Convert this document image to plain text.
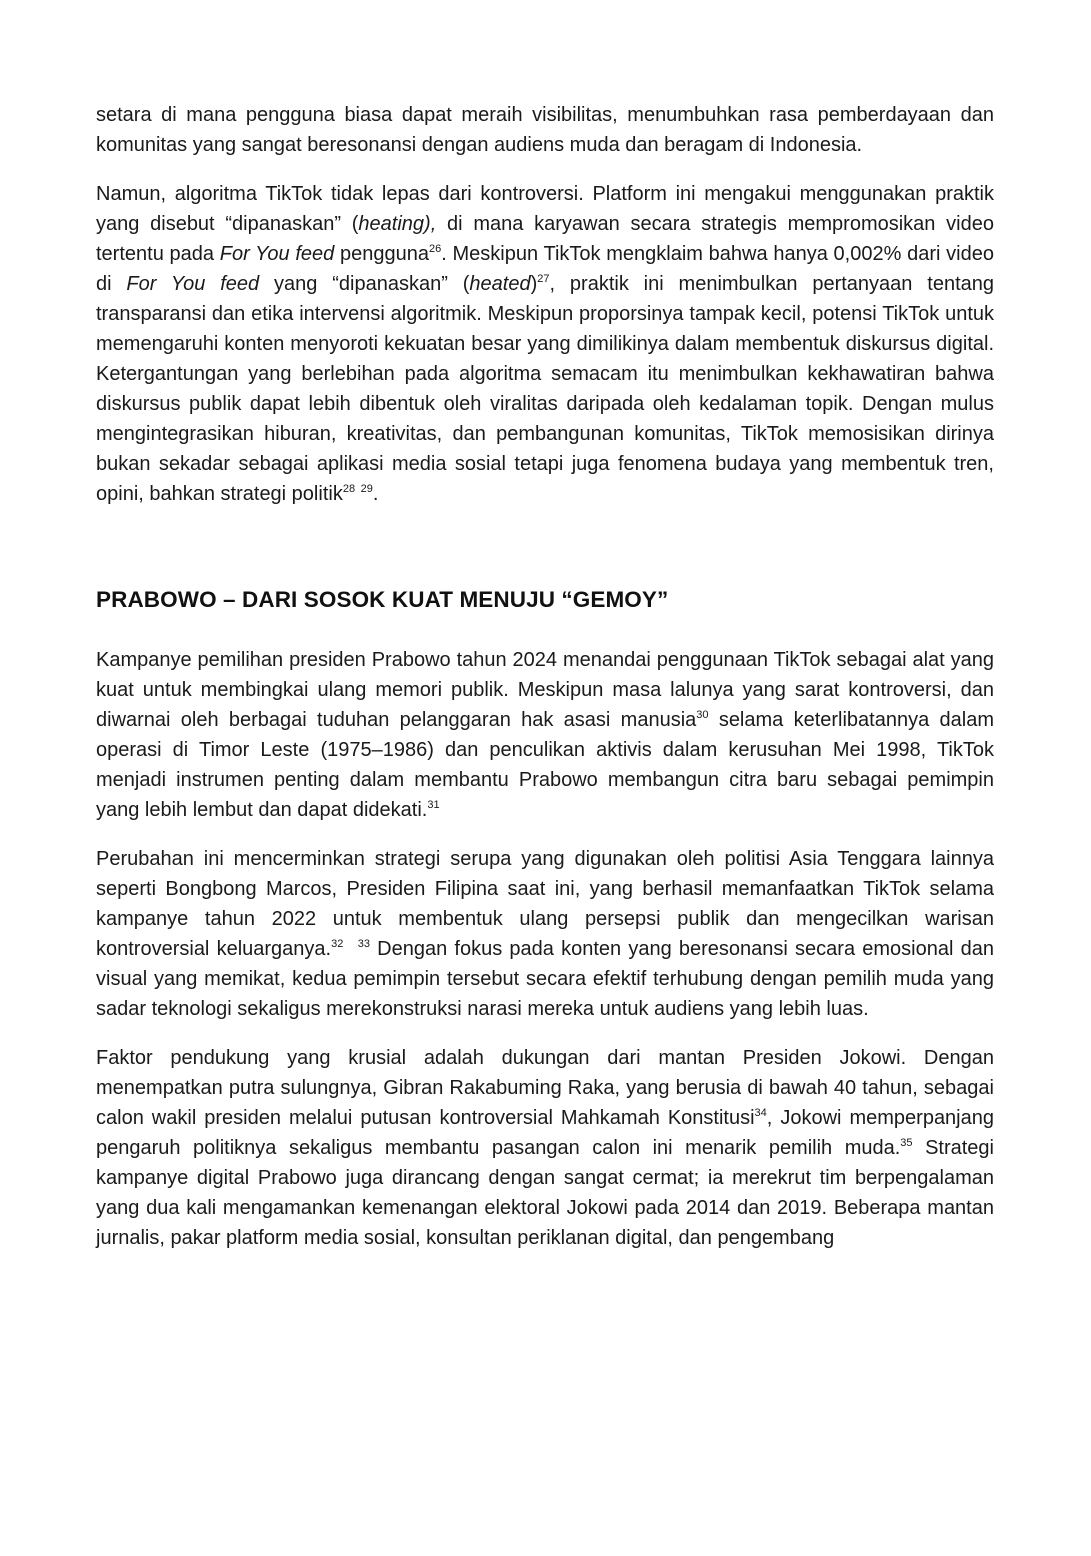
setara di mana pengguna biasa dapat meraih visibilitas, menumbuhkan rasa pemberdayaan dan komunitas yang sangat beresonansi dengan audiens muda dan beragam di Indonesia.

Namun, algoritma TikTok tidak lepas dari kontroversi. Platform ini mengakui menggunakan praktik yang disebut “dipanaskan” (heating), di mana karyawan secara strategis mempromosikan video tertentu pada For You feed pengguna$^{26}$. Meskipun TikTok mengklaim bahwa hanya 0,002% dari video di For You feed yang “dipanaskan” (heated)$^{27}$, praktik ini menimbulkan pertanyaan tentang transparansi dan etika intervensi algoritmik. Meskipun proporsinya tampak kecil, potensi TikTok untuk memengaruhi konten menyoroti kekuatan besar yang dimilikinya dalam membentuk diskursus digital. Ketergantungan yang berlebihan pada algoritma semacam itu menimbulkan kekhawatiran bahwa diskursus publik dapat lebih dibentuk oleh viralitas daripada oleh kedalaman topik. Dengan mulus mengintegrasikan hiburan, kreativitas, dan pembangunan komunitas, TikTok memosisikan dirinya bukan sekadar sebagai aplikasi media sosial tetapi juga fenomena budaya yang membentuk tren, opini, bahkan strategi politik$^{28}$ $^{29}$.

PRABOWO – DARI SOSOK KUAT MENUJU “GEMOY”

Kampanye pemilihan presiden Prabowo tahun 2024 menandai penggunaan TikTok sebagai alat yang kuat untuk membingkai ulang memori publik. Meskipun masa lalunya yang sarat kontroversi, dan diwarnai oleh berbagai tuduhan pelanggaran hak asasi manusia$^{30}$ selama keterlibatannya dalam operasi di Timor Leste (1975–1986) dan penculikan aktivis dalam kerusuhan Mei 1998, TikTok menjadi instrumen penting dalam membantu Prabowo membangun citra baru sebagai pemimpin yang lebih lembut dan dapat didekati.$^{31}$

Perubahan ini mencerminkan strategi serupa yang digunakan oleh politisi Asia Tenggara lainnya seperti Bongbong Marcos, Presiden Filipina saat ini, yang berhasil memanfaatkan TikTok selama kampanye tahun 2022 untuk membentuk ulang persepsi publik dan mengecilkan warisan kontroversial keluarganya.$^{32}$ $^{33}$ Dengan fokus pada konten yang beresonansi secara emosional dan visual yang memikat, kedua pemimpin tersebut secara efektif terhubung dengan pemilih muda yang sadar teknologi sekaligus merekonstruksi narasi mereka untuk audiens yang lebih luas.

Faktor pendukung yang krusial adalah dukungan dari mantan Presiden Jokowi. Dengan menempatkan putra sulungnya, Gibran Rakabuming Raka, yang berusia di bawah 40 tahun, sebagai calon wakil presiden melalui putusan kontroversial Mahkamah Konstitusi$^{34}$, Jokowi memperpanjang pengaruh politiknya sekaligus membantu pasangan calon ini menarik pemilih muda.$^{35}$ Strategi kampanye digital Prabowo juga dirancang dengan sangat cermat; ia merekrut tim berpengalaman yang dua kali mengamankan kemenangan elektoral Jokowi pada 2014 dan 2019. Beberapa mantan jurnalis, pakar platform media sosial, konsultan periklanan digital, dan pengembang
